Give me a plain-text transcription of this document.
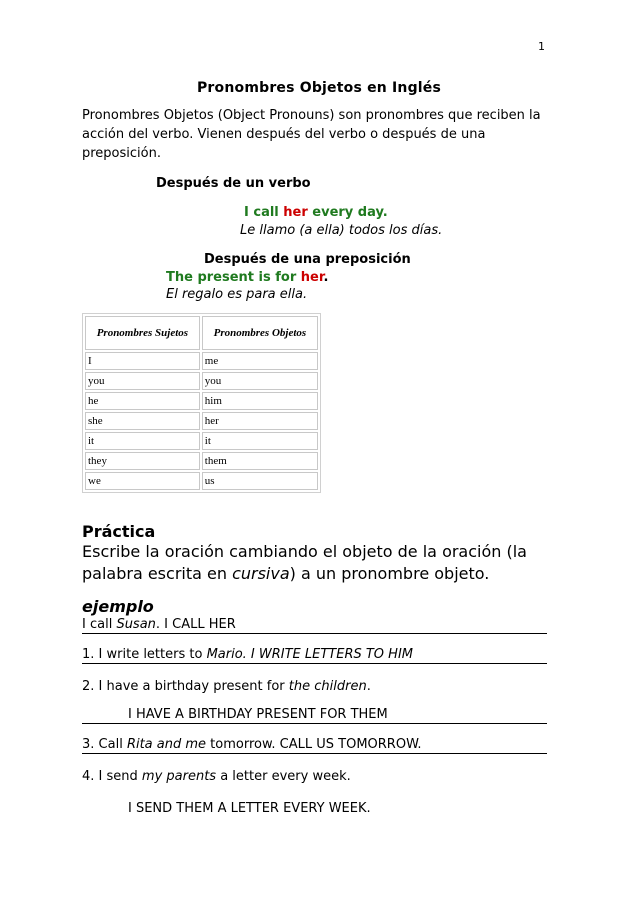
1
Pronombres Objetos en Inglés
Pronombres Objetos (Object Pronouns) son pronombres que reciben la acción del verbo. Vienen después del verbo o después de una preposición.
Después de un verbo
I call her every day.
Le llamo (a ella) todos los días.
Después de una preposición
The present is for her.
El regalo es para ella.
Pronombres Sujetos	Pronombres Objetos
I	me
you	you
he	him
she	her
it	it
they	them
we	us
Práctica
Escribe la oración cambiando el objeto de la oración (la palabra escrita en cursiva) a un pronombre objeto.
ejemplo
I call Susan. I CALL HER
1. I write letters to Mario. I WRITE LETTERS TO HIM
2. I have a birthday present for the children.
I HAVE A BIRTHDAY PRESENT FOR THEM
3. Call Rita and me tomorrow. CALL US TOMORROW.
4. I send my parents a letter every week.
I SEND THEM A LETTER EVERY WEEK.
